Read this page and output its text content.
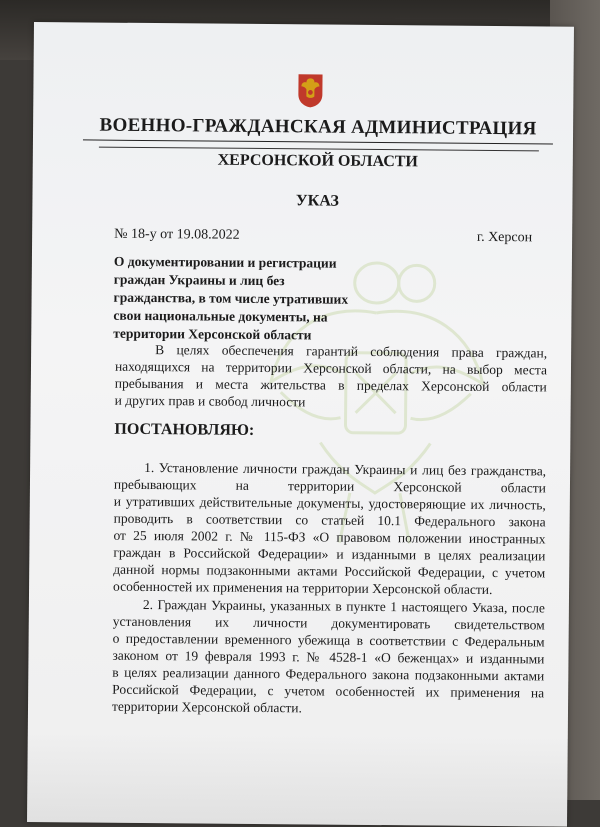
ВОЕННО-ГРАЖДАНСКАЯ АДМИНИСТРАЦИЯ
ХЕРСОНСКОЙ ОБЛАСТИ
УКАЗ
№ 18-у от 19.08.2022	г. Херсон
О документировании и регистрации
граждан Украины и лиц без
гражданства, в том числе утративших
свои национальные документы, на
территории Херсонской области
В целях обеспечения гарантий соблюдения права граждан,
находящихся на территории Херсонской области, на выбор места
пребывания и места жительства в пределах Херсонской области
и других прав и свобод личности
ПОСТАНОВЛЯЮ:
1. Установление личности граждан Украины и лиц без гражданства,
пребывающих на территории Херсонской области
и утративших действительные документы, удостоверяющие их личность,
проводить в соответствии со статьей 10.1 Федерального закона
от 25 июля 2002 г. № 115-ФЗ «О правовом положении иностранных
граждан в Российской Федерации» и изданными в целях реализации
данной нормы подзаконными актами Российской Федерации, с учетом
особенностей их применения на территории Херсонской области.
2. Граждан Украины, указанных в пункте 1 настоящего Указа, после
установления их личности документировать свидетельством
о предоставлении временного убежища в соответствии с Федеральным
законом от 19 февраля 1993 г. № 4528-1 «О беженцах» и изданными
в целях реализации данного Федерального закона подзаконными актами
Российской Федерации, с учетом особенностей их применения на
территории Херсонской области.
